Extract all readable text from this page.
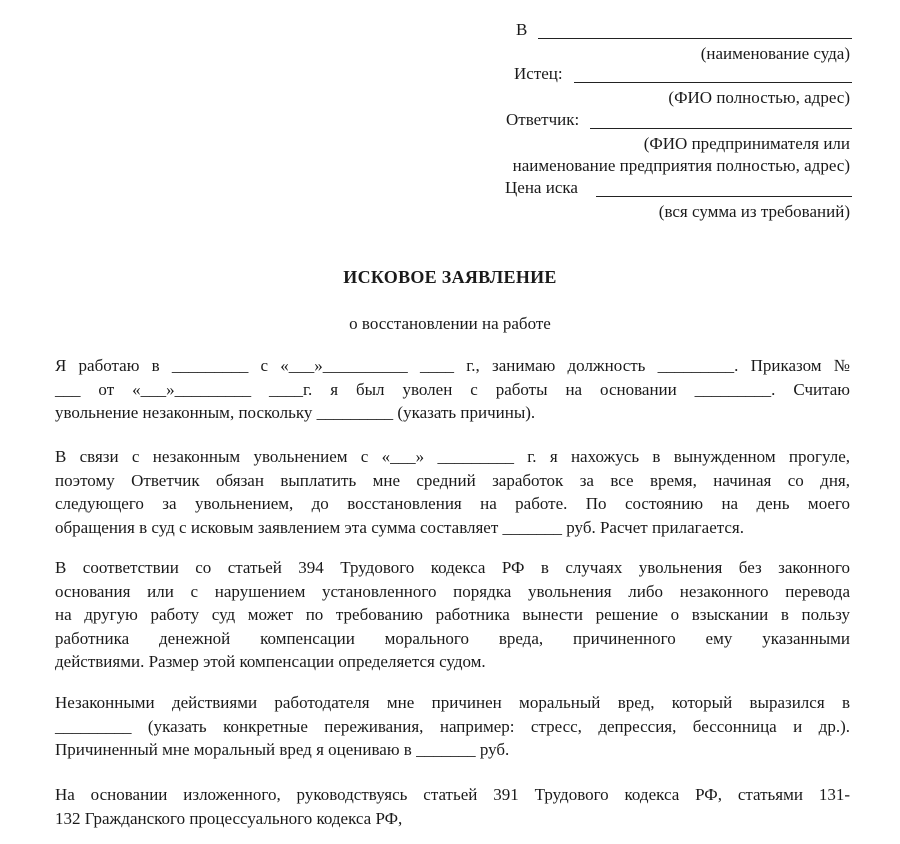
В
(наименование суда)
Истец:
(ФИО полностью, адрес)
Ответчик:
(ФИО предпринимателя или
наименование предприятия полностью, адрес)
Цена иска
(вся сумма из требований)
ИСКОВОЕ ЗАЯВЛЕНИЕ
о восстановлении на работе
Я работаю в _________ с «___»__________ ____ г., занимаю должность _________. Приказом №
___ от «___»_________ ____г. я был уволен с работы на основании _________. Считаю
увольнение незаконным, поскольку _________ (указать причины).
В связи с незаконным увольнением с «___» _________ г. я нахожусь в вынужденном прогуле,
поэтому Ответчик обязан выплатить мне средний заработок за все время, начиная со дня,
следующего за увольнением, до восстановления на работе. По состоянию на день моего
обращения в суд с исковым заявлением эта сумма составляет _______ руб. Расчет прилагается.
В соответствии со статьей 394 Трудового кодекса РФ в случаях увольнения без законного
основания или с нарушением установленного порядка увольнения либо незаконного перевода
на другую работу суд может по требованию работника вынести решение о взыскании в пользу
работника денежной компенсации морального вреда, причиненного ему указанными
действиями. Размер этой компенсации определяется судом.
Незаконными действиями работодателя мне причинен моральный вред, который выразился в
_________ (указать конкретные переживания, например: стресс, депрессия, бессонница и др.).
Причиненный мне моральный вред я оцениваю в _______ руб.
На основании изложенного, руководствуясь статьей 391 Трудового кодекса РФ, статьями 131-
132 Гражданского процессуального кодекса РФ,
